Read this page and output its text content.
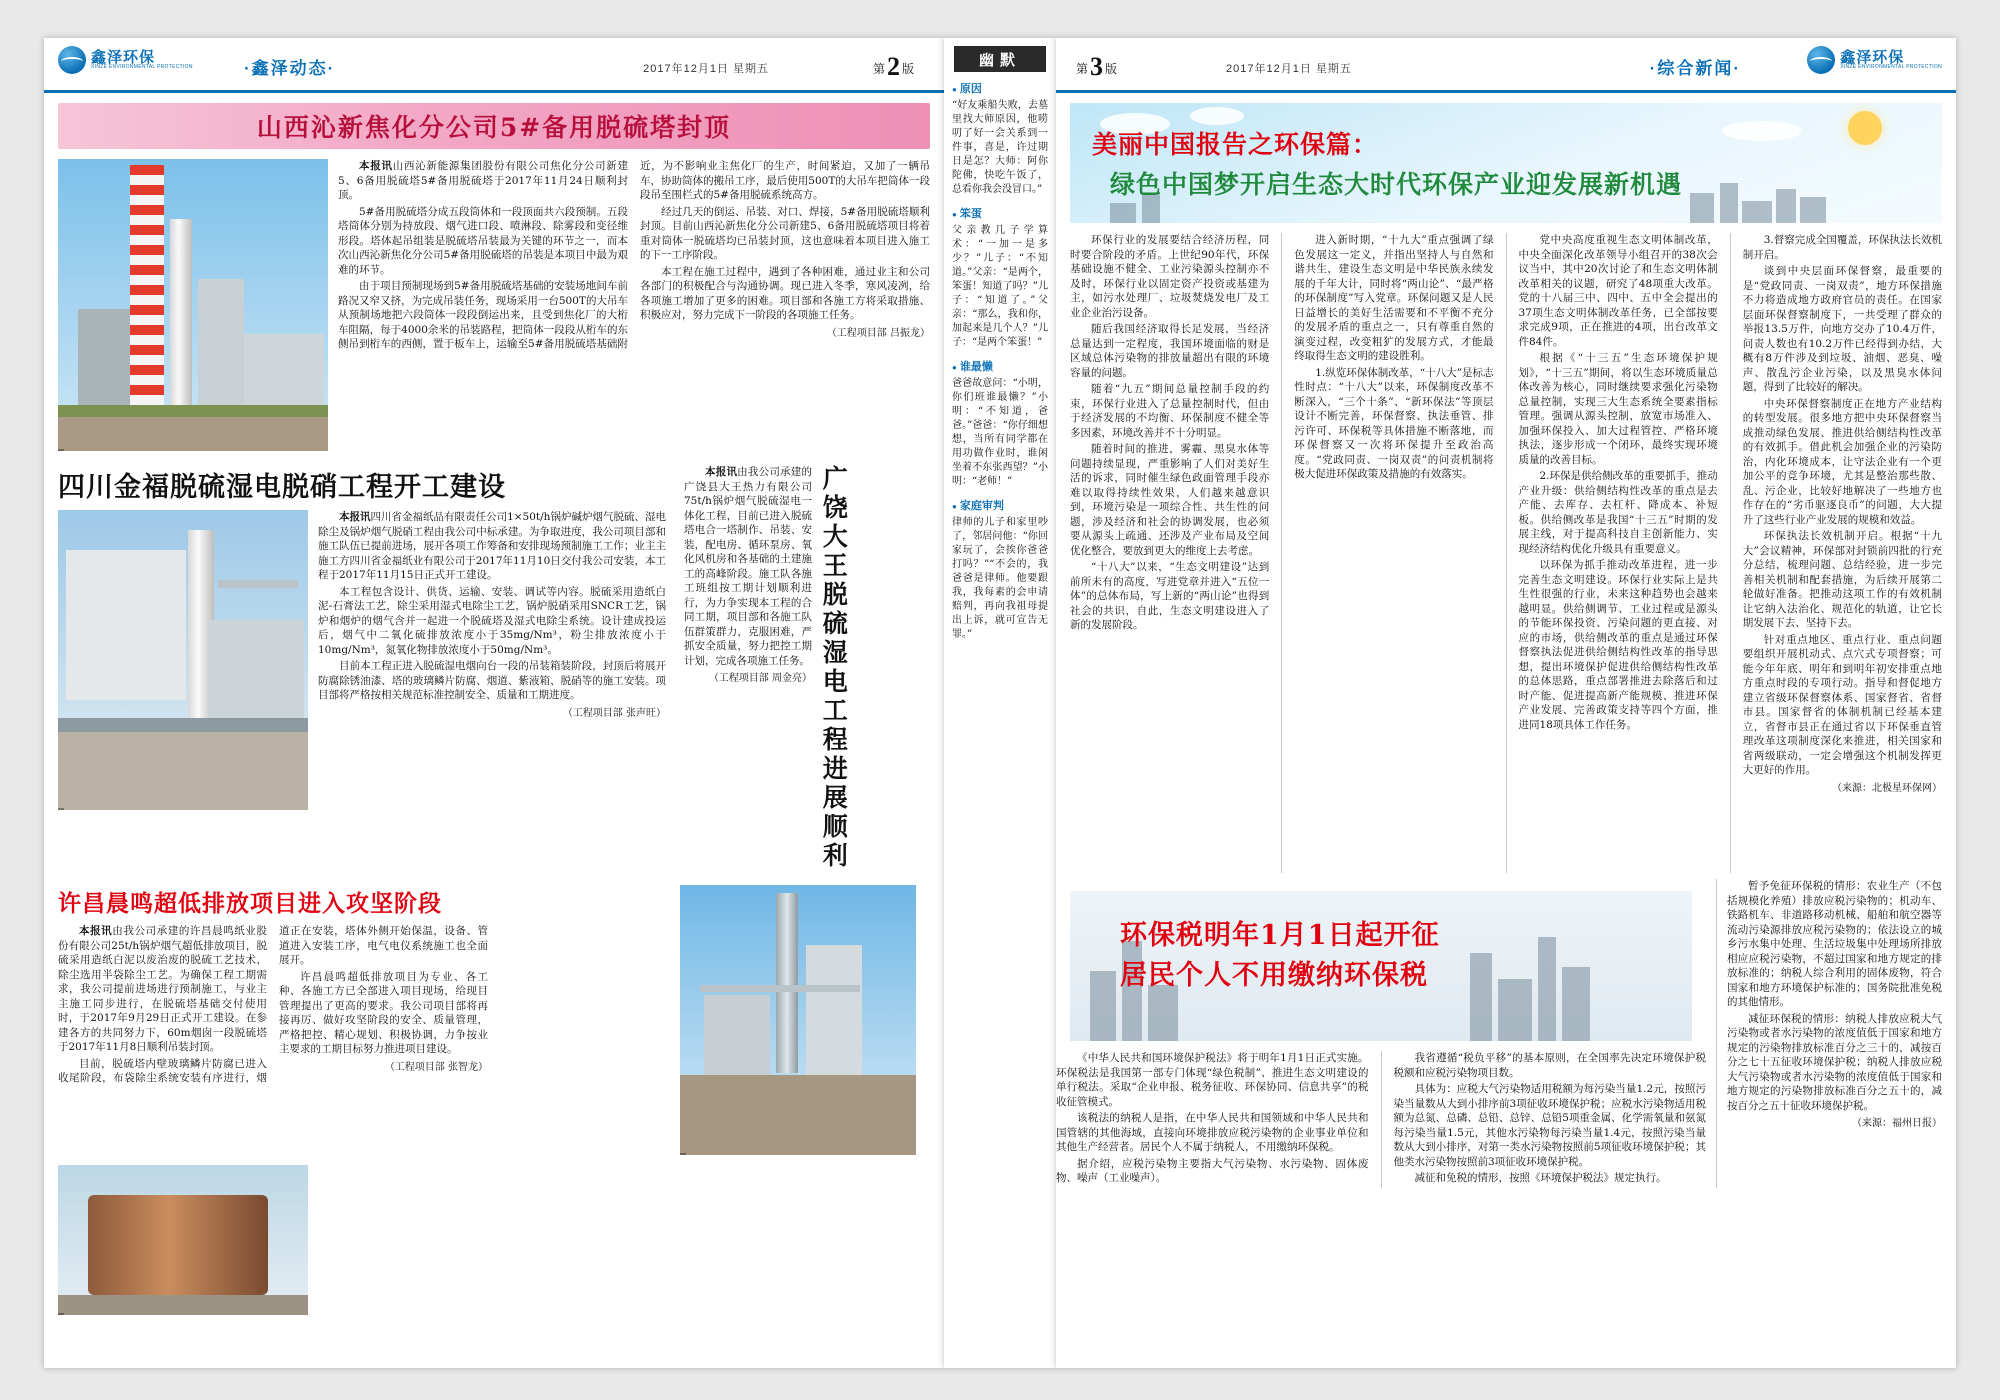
鑫泽环保
XINZE ENVIRONMENTAL PROTECTION	·鑫泽动态·	2017年12月1日 星期五	第2 版
山西沁新焦化分公司5#备用脱硫塔封顶

本报讯山西沁新能源集团股份有限公司焦化分公司新建5、6备用脱硫塔5#备用脱硫塔于2017年11月24日顺利封顶。

5#备用脱硫塔分成五段筒体和一段顶面共六段预制。五段塔筒体分别为持放段、烟气进口段、喷淋段、除雾段和变径维形段。塔体起吊组装是脱硫塔吊装最为关键的环节之一，而本次山西沁新焦化分公司5#备用脱硫塔的吊装是本项目中最为艰难的环节。

由于项目预制现场到5#备用脱硫塔基础的安装场地间车前路况又窄又挤，为完成吊装任务，现场采用一台500T的大吊车从预制场地把六段筒体一段段倒运出来，且受到焦化厂的大桁车阻隔，每于4000余米的吊装路程，把筒体一段段从桁车的东侧吊到桁车的西侧，置于板车上，运输至5#备用脱硫塔基础附近，为不影响业主焦化厂的生产，时间紧迫，又加了一辆吊车，协助筒体的搬吊工序，最后使用500T的大吊车把筒体一段段吊至围栏式的5#备用脱硫系统高方。

经过几天的倒运、吊装、对口、焊接，5#备用脱硫塔顺利封顶。目前山西沁新焦化分公司新建5、6备用脱硫塔项目将着重对筒体一脱硫塔均已吊装封顶，这也意味着本项目进入施工的下一工序阶段。

本工程在施工过程中，遇到了各种困难，通过业主和公司各部门的积极配合与沟通协调。现已进入冬季，寒风凌冽，给各项施工增加了更多的困难。项目部和各施工方将采取措施、积极应对，努力完成下一阶段的各项施工任务。

（工程项目部 吕振龙）
四川金福脱硫湿电脱硝工程开工建设

本报讯四川省金福纸品有限责任公司1×50t/h锅炉碱炉烟气脱硫、湿电除尘及锅炉烟气脱硝工程由我公司中标承建。为争取进度，我公司项目部和施工队伍已提前进场，展开各项工作筹备和安排现场预制施工工作；业主主施工方四川省金福纸业有限公司于2017年11月10日交付我公司安装，本工程于2017年11月15日正式开工建设。

本工程包含设计、供货、运输、安装、调试等内容。脱硫采用造纸白泥-石膏法工艺，除尘采用湿式电除尘工艺，锅炉脱硝采用SNCR工艺，锅炉和烟炉的烟气含并一起进一个脱硫塔及湿式电除尘系统。设计建成投运后，烟气中二氧化硫排放浓度小于35mg/Nm³，粉尘排放浓度小于10mg/Nm³，氮氧化物排放浓度小于50mg/Nm³。

目前本工程正进入脱硫湿电烟向台一段的吊装箱装阶段，封顶后将展开防腐除锈油漆、塔的玻璃鳞片防腐、烟道、紫液箱、脱硝等的施工安装。项目部将严格按相关规范标准控制安全、质量和工期进度。

（工程项目部 张声旺）

本报讯由我公司承建的广饶县大王热力有限公司75t/h锅炉烟气脱硫湿电一体化工程，目前已进入脱硫塔电合一塔制作、吊装、安装，配电房、循环泵房、氧化风机房和各基础的土建施工的高峰阶段。施工队各施工班组按工期计划顺利进行，为力争实现本工程的合同工期，项目部和各施工队伍群策群力，克服困难，严抓安全质量，努力把控工期计划，完成各项施工任务。

（工程项目部 周金亮） 广饶大王脱硫湿电工程进展顺利
许昌晨鸣超低排放项目进入攻坚阶段

本报讯由我公司承建的许昌晨鸣纸业股份有限公司25t/h锅炉烟气超低排放项目，脱硫采用造纸白泥以废治废的脱硫工艺技术，除尘选用半袋除尘工艺。为确保工程工期需求，我公司提前进场进行预制施工，与业主主施工同步进行，在脱硫塔基础交付使用时，于2017年9月29日正式开工建设。在参建各方的共同努力下，60m烟囱一段脱硫塔于2017年11月8日顺利吊装封顶。

目前，脱硫塔内壁玻璃鳞片防腐已进入收尾阶段，布袋除尘系统安装有序进行，烟道正在安装，塔体外侧开始保温，设备、管道进入安装工序，电气电仪系统施工也全面展开。

许昌晨鸣超低排放项目为专业、各工种、各施工方已全部进入项目现场，给现目管理提出了更高的要求。我公司项目部将再接再厉、做好攻坚阶段的安全、质量管理，严格把控、精心规划、积极协调，力争按业主要求的工期目标努力推进项目建设。

（工程项目部 张智龙）
幽默
● 原因
“好友乘船失败，去墓里找大师原因，他唠叨了好一会关系到一件事，喜是，许过期日是怎？大师：阿你陀佛，快吃午饭了，总看你我会没冒口。”
● 笨蛋
父亲教几子学算术：“一加一是多少？”儿子：“不知道。”父亲：“是两个，笨蛋！知道了吗？”儿子：“知道了。”父亲：“那么，我和你，加起来是几个人？”儿子：“是两个笨蛋！”
● 谁最懒
爸爸故意问：“小明，你们班谁最懒？”小明：“不知道，爸爸。”爸爸：“你仔细想想，当所有同学都在用功做作业时，谁闲坐着不东张西望？”小明：“老师！”
● 家庭审判
律师的儿子和家里吵了，邻居问他：“你回家玩了，会挨你爸爸打吗？”“不会的，我爸爸是律师。他要跟我，我每素的会申请赔判，再向我祖母提出上诉，就可宣告无罪。”
第3 版	2017年12月1日 星期五	·综合新闻·
鑫泽环保
XINZE ENVIRONMENTAL PROTECTION
美丽中国报告之环保篇：
绿色中国梦开启生态大时代环保产业迎发展新机遇

环保行业的发展要结合经济历程，同时要合阶段的矛盾。上世纪90年代，环保基础设施不健全、工业污染源头控制亦不及时，环保行业以固定资产投资或基建为主，如污水处理厂、垃圾焚烧发电厂及工业企业治污设备。

随后我国经济取得长足发展，当经济总量达到一定程度，我国环境面临的财是区域总体污染物的排放量超出有限的环境容量的问题。

随着“九五”期间总量控制手段的约束，环保行业进入了总量控制时代，但由于经济发展的不均衡、环保制度不健全等多因素，环境改善并不十分明显。

随着时间的推进，雾霾、黑臭水体等问题持续显现，严重影响了人们对美好生活的诉求，同时催生绿色政面管理手段亦难以取得持续性效果，人们越来越意识到，环境污染是一项综合性、共生性的问题，涉及经济和社会的协调发展，也必须要从源头上疏通、还涉及产业布局及空间优化整合，要放到更大的维度上去考虑。

“十八大”以来，“生态文明建设”达到前所未有的高度，写进党章并进入“五位一体”的总体布局，写上新的“两山论”也得到社会的共识，自此，生态文明建设进入了新的发展阶段。

进入新时期，“十九大”重点强调了绿色发展这一定义，并指出坚持人与自然和谐共生，建设生态文明是中华民族永续发展的千年大计，同时将“两山论”、“最严格的环保制度”写入党章。环保问题又是人民日益增长的美好生活需要和不平衡不充分的发展矛盾的重点之一，只有尊重自然的演变过程，改变粗犷的发展方式，才能最终取得生态文明的建设胜利。

1.纵览环保体制改革，“十八大”是标志性时点：“十八大”以来，环保制度改革不断深入，“三个十条”、“新环保法”等顶层设计不断完善，环保督察、执法垂管、排污许可、环保税等具体措施不断落地，而环保督察又一次将环保提升至政治高度。“党政同责、一岗双责”的问责机制将极大促进环保政策及措施的有效落实。

党中央高度重视生态文明体制改革，中央全面深化改革领导小组召开的38次会议当中，其中20次讨论了和生态文明体制改革相关的议题，研究了48项重大改革。党的十八届三中、四中、五中全会提出的37项生态文明体制改革任务，已全部按要求完成9项，正在推进的4项，出台改革文件84件。

根据《“十三五”生态环境保护规划》，“十三五”期间，将以生态环境质量总体改善为核心，同时继续要求强化污染物总量控制，实现三大生态系统全要素指标管理。强调从源头控制，放宽市场准入、加强环保投入、加大过程管控、严格环境执法，逐步形成一个闭环，最终实现环境质量的改善目标。

2.环保是供给侧改革的重要抓手，推动产业升级：供给侧结构性改革的重点是去产能、去库存、去杠杆、降成本、补短板。供给侧改革是我国“十三五”时期的发展主线，对于提高科技自主创新能力、实现经济结构优化升级具有重要意义。

以环保为抓手推动改革进程，进一步完善生态文明建设。环保行业实际上是共生性很强的行业，未来这种趋势也会越来越明显。供给侧调节、工业过程或是源头的节能环保投资、污染问题的更直接、对应的市场，供给侧改革的重点是通过环保督察执法促进供给侧结构性改革的指导思想，提出环境保护促进供给侧结构性改革的总体思路，重点部署推进去除落后和过时产能、促进提高新产能规模、推进环保产业发展、完善政策支持等四个方面，推进同18项具体工作任务。

3.督察完成全国覆盖，环保执法长效机制开启。

谈到中央层面环保督察，最重要的是“党政同责、一岗双责”，地方环保措施不力将造成地方政府官员的责任。在国家层面环保督察制度下，一共受理了群众的举报13.5万件，向地方交办了10.4万件，问责人数也有10.2万件已经得到办结，大概有8万件涉及到垃圾、油烟、恶臭、噪声、散乱污企业污染，以及黑臭水体问题，得到了比较好的解决。

中央环保督察制度正在地方产业结构的转型发展。很多地方把中央环保督察当成推动绿色发展、推进供给侧结构性改革的有效抓手。借此机会加强企业的污染防治，内化环境成本，让守法企业有一个更加公平的竞争环境，尤其是整治那些散、乱、污企业，比较好地解决了一些地方也作存在的“劣币驱逐良币”的问题，大大提升了这些行业产业发展的规模和效益。

环保执法长效机制开启。根据“十九大”会议精神，环保部对封锁前四批的行充分总结，梳理问题、总结经验，进一步完善相关机制和配套措施，为后续开展第二轮做好准备。把推动这项工作的有效机制让它纳入法治化、规范化的轨道，让它长期发展下去、坚持下去。

针对重点地区、重点行业、重点问题要组织开展机动式、点穴式专项督察；可能今年年底、明年和到明年初安排重点地方重点时段的专项行动。指导和督促地方建立省级环保督察体系、国家督省、省督市县。国家督省的体制机制已经基本建立，省督市县正在通过省以下环保垂直管理改革这项制度深化来推进，相关国家和省两级联动，一定会增强这个机制发挥更大更好的作用。

（来源：北极星环保网）
环保税明年1月1日起开征
居民个人不用缴纳环保税

《中华人民共和国环境保护税法》将于明年1月1日正式实施。环保税法是我国第一部专门体现“绿色税制”、推进生态文明建设的单行税法。采取“企业申报、税务征收、环保协同、信息共享”的税收征管模式。

该税法的纳税人是指，在中华人民共和国领域和中华人民共和国管辖的其他海域，直接向环境排放应税污染物的企业事业单位和其他生产经营者。居民个人不属于纳税人，不用缴纳环保税。

据介绍，应税污染物主要指大气污染物、水污染物、固体废物、噪声（工业噪声）。

我省遵循“税负平移”的基本原则，在全国率先决定环境保护税税额和应税污染物项目数。

具体为：应税大气污染物适用税额为每污染当量1.2元，按照污染当量数从大到小排序前3项征收环境保护税；应税水污染物适用税额为总氮、总磷、总铅、总锌、总铅5项重金属、化学需氧量和氨氮每污染当量1.5元，其他水污染物每污染当量1.4元，按照污染当量数从大到小排序，对第一类水污染物按照前5项征收环境保护税；其他类水污染物按照前3项征收环境保护税。

减征和免税的情形，按照《环境保护税法》规定执行。

暂予免征环保税的情形：农业生产（不包括规模化养殖）排放应税污染物的；机动车、铁路机车、非道路移动机械、船舶和航空器等流动污染源排放应税污染物的；依法设立的城乡污水集中处理、生活垃圾集中处理场所排放相应应税污染物，不超过国家和地方规定的排放标准的；纳税人综合利用的固体废物，符合国家和地方环境保护标准的；国务院批准免税的其他情形。

减征环保税的情形：纳税人排放应税大气污染物或者水污染物的浓度值低于国家和地方规定的污染物排放标准百分之三十的，减按百分之七十五征收环境保护税；纳税人排放应税大气污染物或者水污染物的浓度值低于国家和地方规定的污染物排放标准百分之五十的，减按百分之五十征收环境保护税。

（来源：福州日报）
